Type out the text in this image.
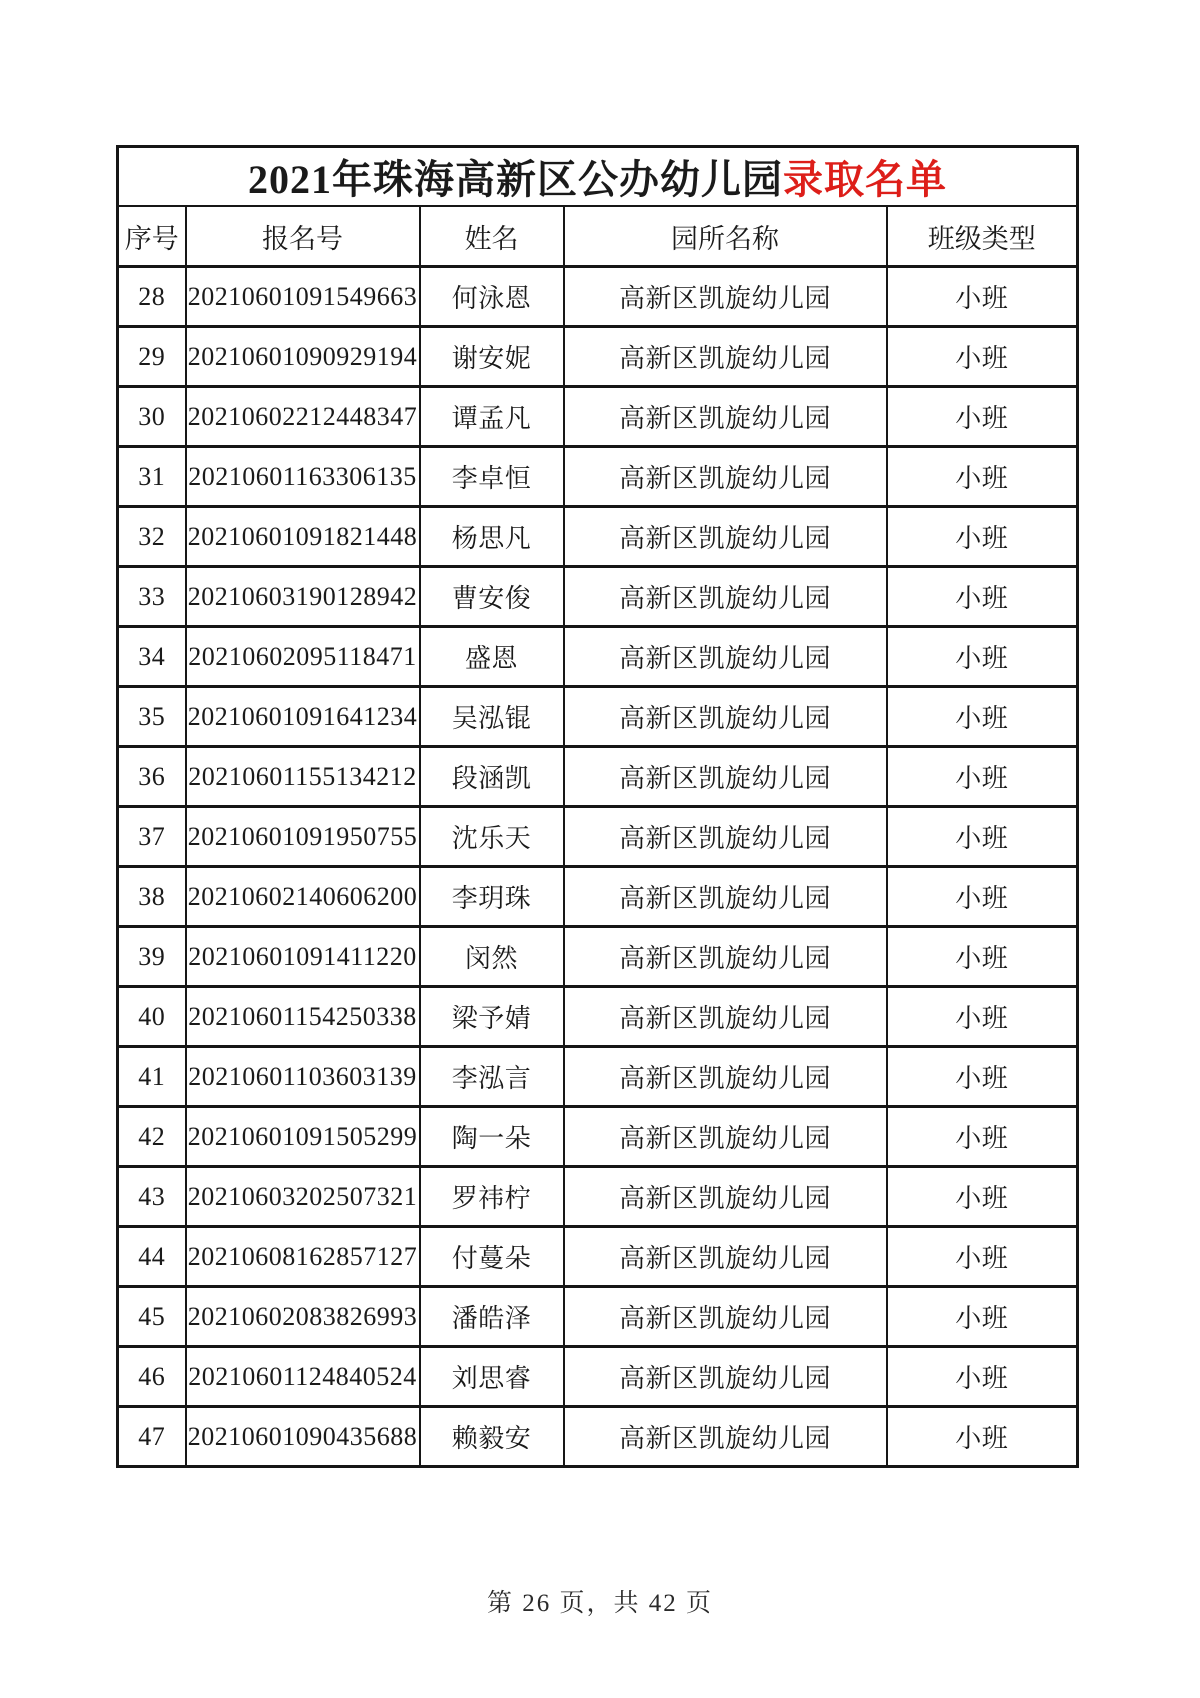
2021年珠海高新区公办幼儿园录取名单				
序号	报名号	姓名	园所名称	班级类型
28	20210601091549663	何泳恩	高新区凯旋幼儿园	小班
29	20210601090929194	谢安妮	高新区凯旋幼儿园	小班
30	20210602212448347	谭孟凡	高新区凯旋幼儿园	小班
31	20210601163306135	李卓恒	高新区凯旋幼儿园	小班
32	20210601091821448	杨思凡	高新区凯旋幼儿园	小班
33	20210603190128942	曹安俊	高新区凯旋幼儿园	小班
34	20210602095118471	盛恩	高新区凯旋幼儿园	小班
35	20210601091641234	吴泓锟	高新区凯旋幼儿园	小班
36	20210601155134212	段涵凯	高新区凯旋幼儿园	小班
37	20210601091950755	沈乐天	高新区凯旋幼儿园	小班
38	20210602140606200	李玥珠	高新区凯旋幼儿园	小班
39	20210601091411220	闵然	高新区凯旋幼儿园	小班
40	20210601154250338	梁予婧	高新区凯旋幼儿园	小班
41	20210601103603139	李泓言	高新区凯旋幼儿园	小班
42	20210601091505299	陶一朵	高新区凯旋幼儿园	小班
43	20210603202507321	罗祎柠	高新区凯旋幼儿园	小班
44	20210608162857127	付蔓朵	高新区凯旋幼儿园	小班
45	20210602083826993	潘皓泽	高新区凯旋幼儿园	小班
46	20210601124840524	刘思睿	高新区凯旋幼儿园	小班
47	20210601090435688	赖毅安	高新区凯旋幼儿园	小班
第 26 页，共 42 页
